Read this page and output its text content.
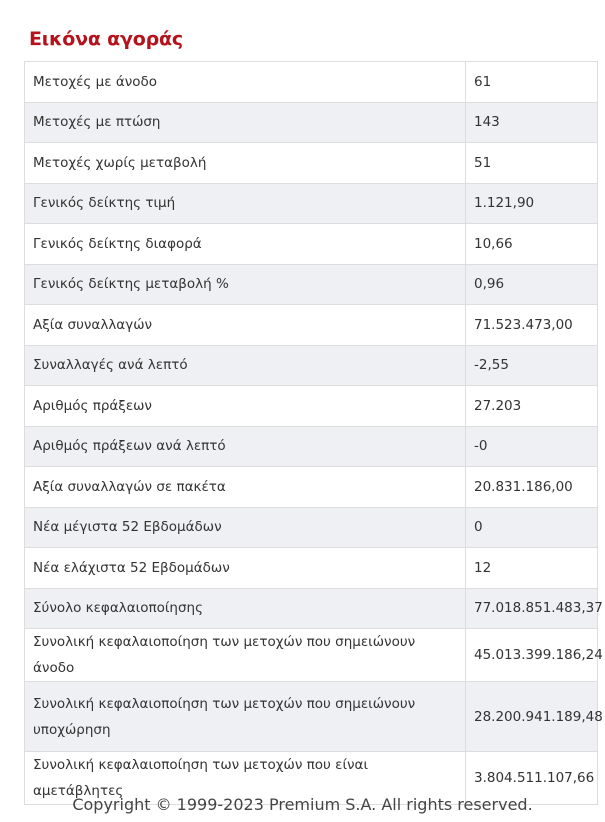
Εικόνα αγοράς
Μετοχές με άνοδο	61
Μετοχές με πτώση	143
Μετοχές χωρίς μεταβολή	51
Γενικός δείκτης τιμή	1.121,90
Γενικός δείκτης διαφορά	10,66
Γενικός δείκτης μεταβολή %	0,96
Αξία συναλλαγών	71.523.473,00
Συναλλαγές ανά λεπτό	-2,55
Αριθμός πράξεων	27.203
Αριθμός πράξεων ανά λεπτό	-0
Αξία συναλλαγών σε πακέτα	20.831.186,00
Νέα μέγιστα 52 Εβδομάδων	0
Νέα ελάχιστα 52 Εβδομάδων	12
Σύνολο κεφαλαιοποίησης	77.018.851.483,37
Συνολική κεφαλαιοποίηση των μετοχών που σημειώνουν άνοδο	45.013.399.186,24
Συνολική κεφαλαιοποίηση των μετοχών που σημειώνουν υποχώρηση	28.200.941.189,48
Συνολική κεφαλαιοποίηση των μετοχών που είναι αμετάβλητες	3.804.511.107,66
Copyright © 1999-2023 Premium S.A. All rights reserved.
